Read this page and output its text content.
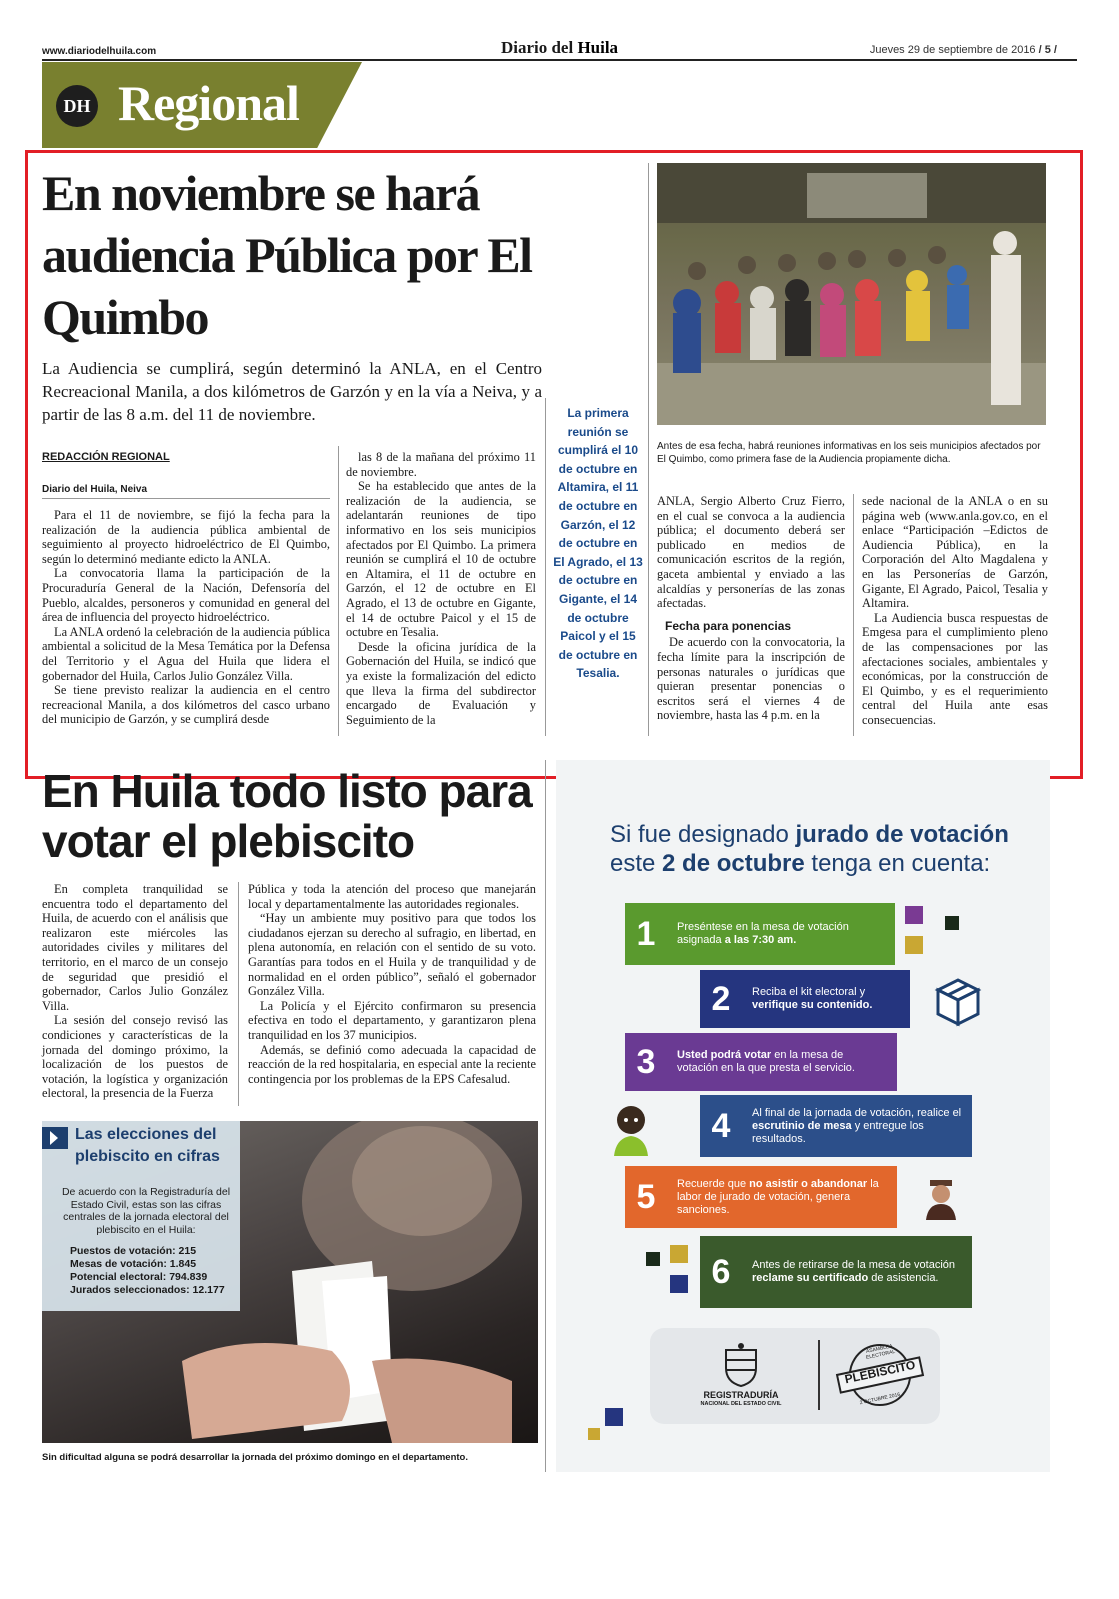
www.diariodelhuila.com	Diario del Huila	Jueves 29 de septiembre de 2016 / 5 /
DH Regional
En noviembre se hará audiencia Pública por El Quimbo

La Audiencia se cumplirá, según determinó la ANLA, en el Centro Recreacional Manila, a dos kilómetros de Garzón y en la vía a Neiva, y a partir de las 8 a.m. del 11 de noviembre.

REDACCIÓN REGIONAL
Diario del Huila, Neiva

Para el 11 de noviembre, se fijó la fecha para la realización de la audiencia pública ambiental de seguimiento al proyecto hidroeléctrico de El Quimbo, según lo determinó mediante edicto la ANLA.

La convocatoria llama la participación de la Procuraduría General de la Nación, Defensoría del Pueblo, alcaldes, personeros y comunidad en general del área de influencia del proyecto hidroeléctrico.

La ANLA ordenó la celebración de la audiencia pública ambiental a solicitud de la Mesa Temática por la Defensa del Territorio y el Agua del Huila que lidera el gobernador del Huila, Carlos Julio González Villa.

Se tiene previsto realizar la audiencia en el centro recreacional Manila, a dos kilómetros del casco urbano del municipio de Garzón, y se cumplirá desde

las 8 de la mañana del próximo 11 de noviembre.

Se ha establecido que antes de la realización de la audiencia, se adelantarán reuniones de tipo informativo en los seis municipios afectados por El Quimbo. La primera reunión se cumplirá el 10 de octubre en Altamira, el 11 de octubre en Garzón, el 12 de octubre en El Agrado, el 13 de octubre en Gigante, el 14 de octubre Paicol y el 15 de octubre en Tesalia.

Desde la oficina jurídica de la Gobernación del Huila, se indicó que ya existe la formalización del edicto que lleva la firma del subdirector encargado de Evaluación y Seguimiento de la

La primera reunión se cumplirá el 10 de octubre en Altamira, el 11 de octubre en Garzón, el 12 de octubre en El Agrado, el 13 de octubre en Gigante, el 14 de octubre Paicol y el 15 de octubre en Tesalia.

Antes de esa fecha, habrá reuniones informativas en los seis municipios afectados por El Quimbo, como primera fase de la Audiencia propiamente dicha.

ANLA, Sergio Alberto Cruz Fierro, en el cual se convoca a la audiencia pública; el documento deberá ser publicado en medios de comunicación escritos de la región, gaceta ambiental y enviado a las alcaldías y personerías de las zonas afectadas.

Fecha para ponencias

De acuerdo con la convocatoria, la fecha límite para la inscripción de personas naturales o jurídicas que quieran presentar ponencias o escritos será el viernes 4 de noviembre, hasta las 4 p.m. en la

sede nacional de la ANLA o en su página web (www.anla.gov.co, en el enlace “Participación –Edictos de Audiencia Pública), en la Corporación del Alto Magdalena y en las Personerías de Garzón, Gigante, El Agrado, Paicol, Tesalia y Altamira.

La Audiencia busca respuestas de Emgesa para el cumplimiento pleno de las compensaciones por las afectaciones sociales, ambientales y económicas, por la construcción de El Quimbo, y es el requerimiento central del Huila ante esas consecuencias.

En Huila todo listo para votar el plebiscito

En completa tranquilidad se encuentra todo el departamento del Huila, de acuerdo con el análisis que realizaron este miércoles las autoridades civiles y militares del territorio, en el marco de un consejo de seguridad que presidió el gobernador, Carlos Julio González Villa.

La sesión del consejo revisó las condiciones y características de la jornada del domingo próximo, la localización de los puestos de votación, la logística y organización electoral, la presencia de la Fuerza

Pública y toda la atención del proceso que manejarán local y departamentalmente las autoridades regionales.

“Hay un ambiente muy positivo para que todos los ciudadanos ejerzan su derecho al sufragio, en libertad, en plena autonomía, en relación con el sentido de su voto. Garantías para todos en el Huila y de tranquilidad y de normalidad en el orden público”, señaló el gobernador González Villa.

La Policía y el Ejército confirmaron su presencia efectiva en todo el departamento, y garantizaron plena tranquilidad en los 37 municipios.

Además, se definió como adecuada la capacidad de reacción de la red hospitalaria, en especial ante la reciente contingencia por los problemas de la EPS Cafesalud.

Las elecciones del
plebiscito en cifras

De acuerdo con la Registraduría del Estado Civil, estas son las cifras centrales de la jornada electoral del plebiscito en el Huila:

Puestos de votación: 215
Mesas de votación: 1.845
Potencial electoral: 794.839
Jurados seleccionados: 12.177

Sin dificultad alguna se podrá desarrollar la jornada del próximo domingo en el departamento.

Si fue designado jurado de votación
este 2 de octubre tenga en cuenta:
1	Preséntese en la mesa de votación asignada a las 7:30 am.
2	Reciba el kit electoral y verifique su contenido.
3	Usted podrá votar en la mesa de votación en la que presta el servicio.
4	Al final de la jornada de votación, realice el escrutinio de mesa y entregue los resultados.
5	Recuerde que no asistir o abandonar la labor de jurado de votación, genera sanciones.
6	Antes de retirarse de la mesa de votación reclame su certificado de asistencia.
REGISTRADURÍA
NACIONAL DEL ESTADO CIVIL
PLEBISCITO
ASAMBLEA ELECTORAL
2 OCTUBRE 2016
